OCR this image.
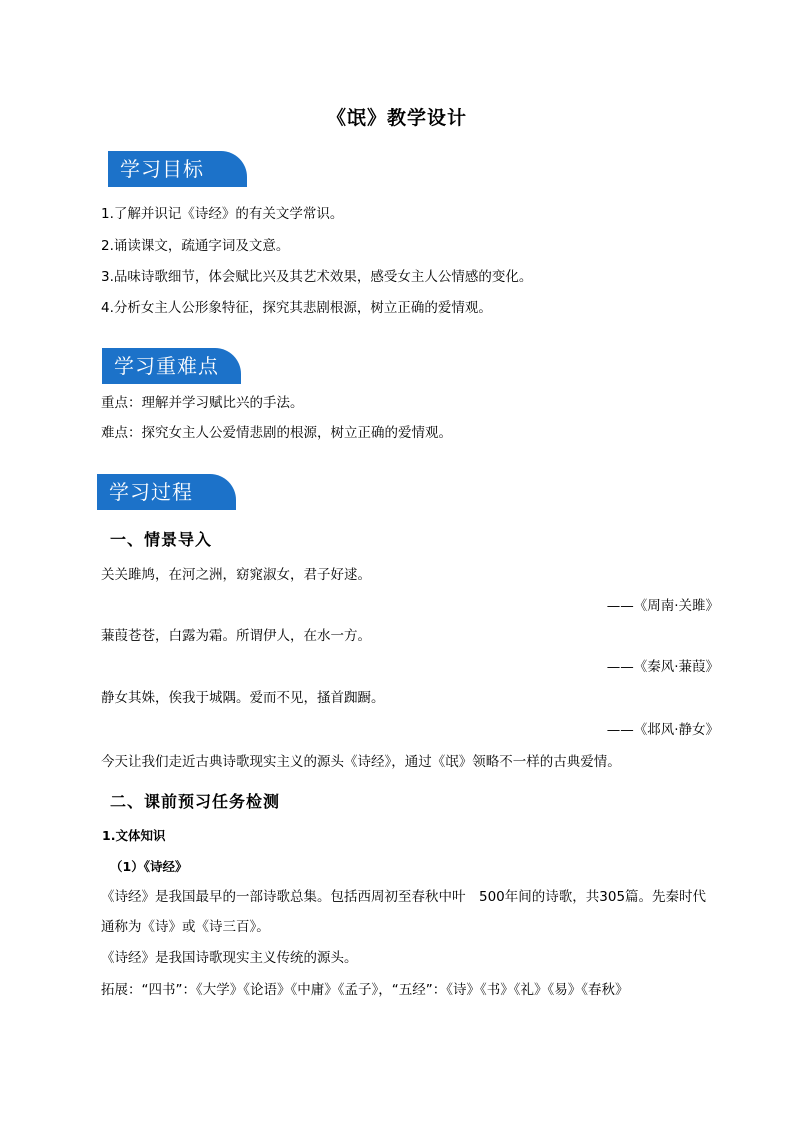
《氓》教学设计
学习目标
1.了解并识记《诗经》的有关文学常识。
2.诵读课文，疏通字词及文意。
3.品味诗歌细节，体会赋比兴及其艺术效果，感受女主人公情感的变化。
4.分析女主人公形象特征，探究其悲剧根源，树立正确的爱情观。
学习重难点
重点：理解并学习赋比兴的手法。
难点：探究女主人公爱情悲剧的根源，树立正确的爱情观。
学习过程
一、情景导入
关关雎鸠，在河之洲，窈窕淑女，君子好逑。
——《周南·关雎》
蒹葭苍苍，白露为霜。所谓伊人，在水一方。
——《秦风·蒹葭》
静女其姝，俟我于城隅。爱而不见，搔首踟蹰。
——《邶风·静女》
今天让我们走近古典诗歌现实主义的源头《诗经》，通过《氓》领略不一样的古典爱情。
二、课前预习任务检测
1.文体知识
（1）《诗经》
《诗经》是我国最早的一部诗歌总集。包括西周初至春秋中叶　500年间的诗歌，共305篇。先秦时代
通称为《诗》或《诗三百》。
《诗经》是我国诗歌现实主义传统的源头。
拓展：“四书”：《大学》《论语》《中庸》《孟子》，“五经”：《诗》《书》《礼》《易》《春秋》
